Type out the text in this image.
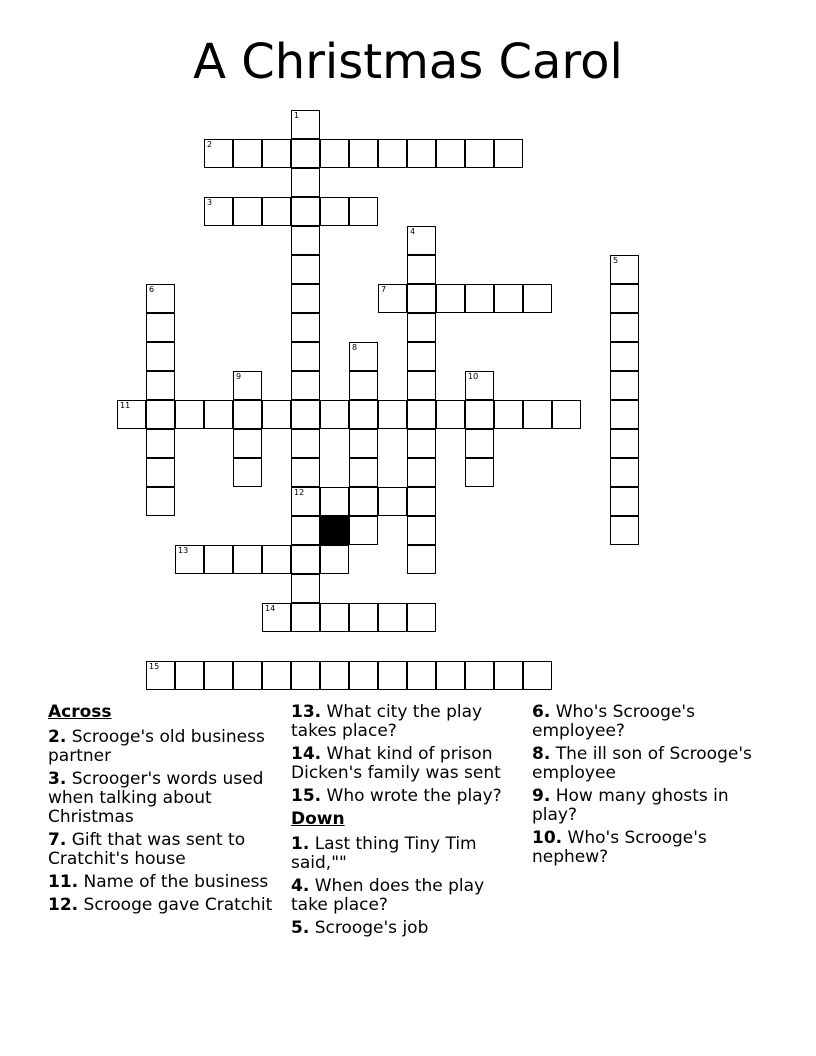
A Christmas Carol
2
3
7
11
12
13
14
15
1
4
5
6
8
9	10
Across
2. Scrooge's old business partner
3. Scrooger's words used when talking about Christmas
7. Gift that was sent to Cratchit's house
11. Name of the business
12. Scrooge gave Cratchit
13. What city the play takes place?
14. What kind of prison Dicken's family was sent
15. Who wrote the play?
Down
1. Last thing Tiny Tim said,""
4. When does the play take place?
5. Scrooge's job
6. Who's Scrooge's employee?
8. The ill son of Scrooge's employee
9. How many ghosts in play?
10. Who's Scrooge's nephew?
